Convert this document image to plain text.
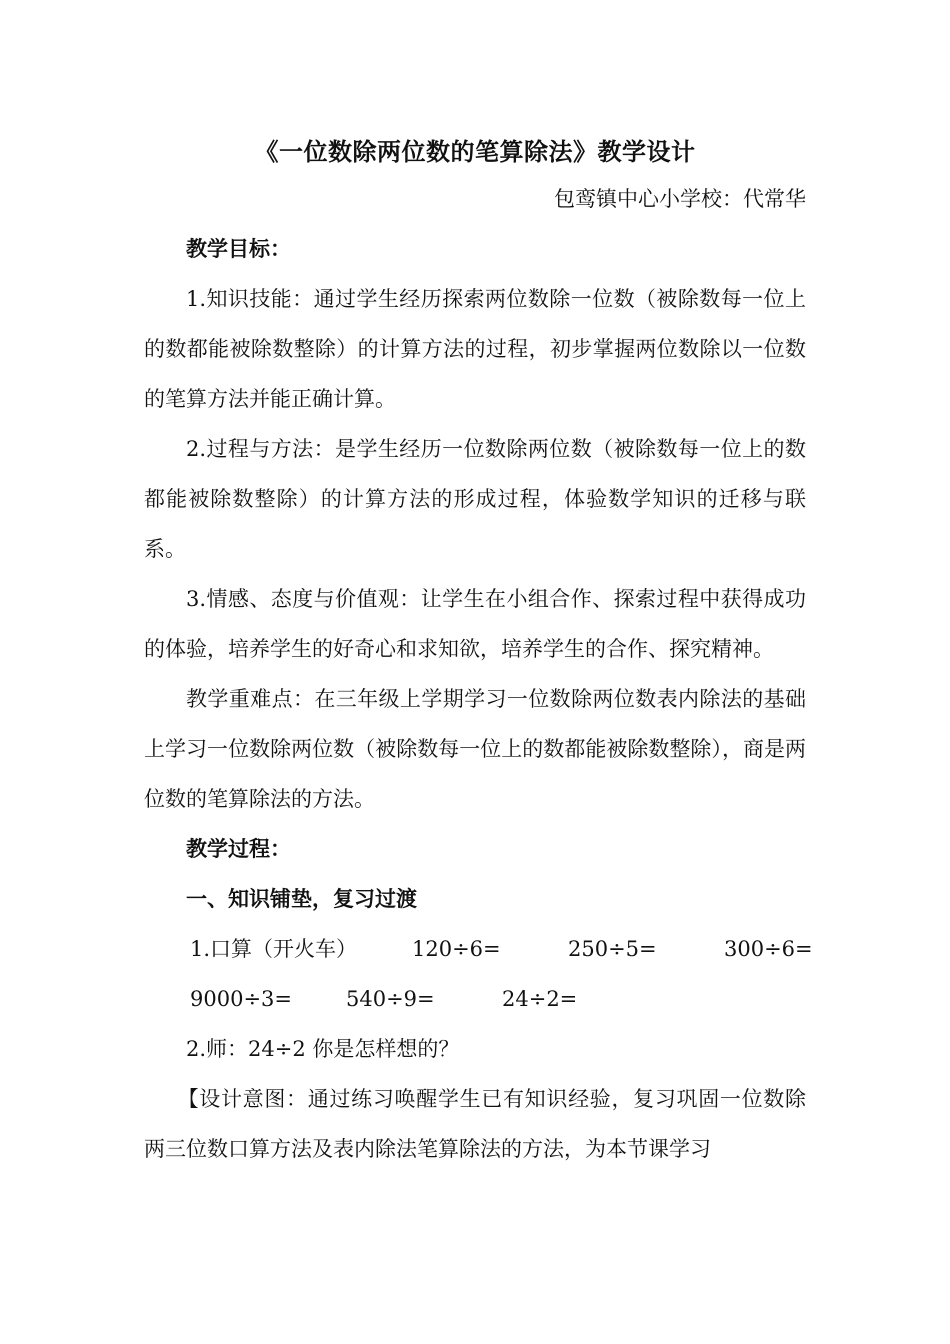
《一位数除两位数的笔算除法》教学设计

包鸾镇中心小学校：代常华

教学目标：

1.知识技能：通过学生经历探索两位数除一位数（被除数每一位上的数都能被除数整除）的计算方法的过程，初步掌握两位数除以一位数的笔算方法并能正确计算。

2.过程与方法：是学生经历一位数除两位数（被除数每一位上的数都能被除数整除）的计算方法的形成过程，体验数学知识的迁移与联系。

3.情感、态度与价值观：让学生在小组合作、探索过程中获得成功的体验，培养学生的好奇心和求知欲，培养学生的合作、探究精神。

教学重难点：在三年级上学期学习一位数除两位数表内除法的基础上学习一位数除两位数（被除数每一位上的数都能被除数整除），商是两位数的笔算除法的方法。

教学过程：

一、知识铺垫，复习过渡

1.口算（开火车）	120÷6=	250÷5=	300÷6=
9000÷3=	540÷9=	24÷2=

2.师：24÷2 你是怎样想的？

【设计意图：通过练习唤醒学生已有知识经验，复习巩固一位数除两三位数口算方法及表内除法笔算除法的方法，为本节课学习
